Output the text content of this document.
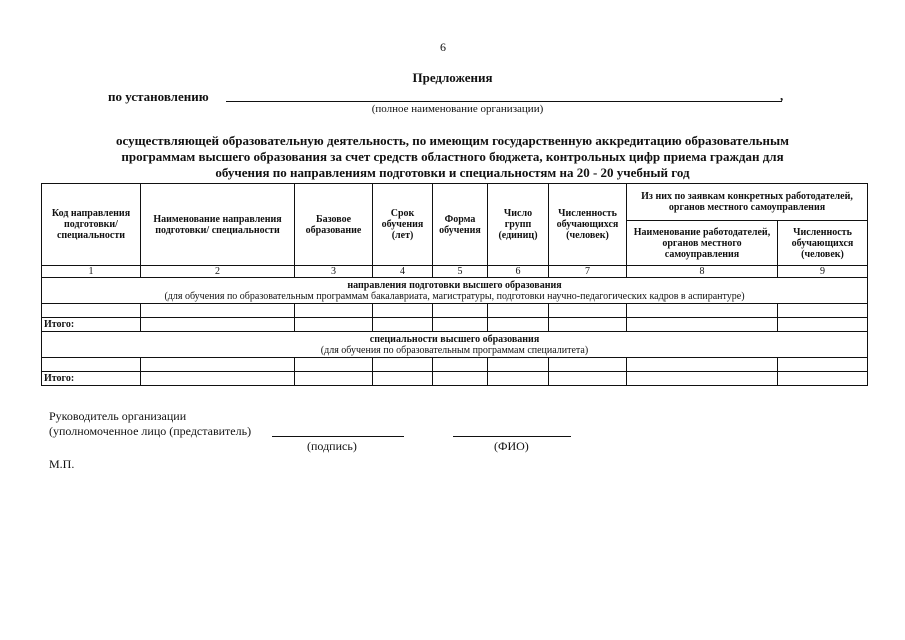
6
Предложения
по установлению	,
(полное наименование организации)
осуществляющей образовательную деятельность, по имеющим государственную аккредитацию образовательным
программам высшего образования за счет средств областного бюджета, контрольных цифр приема граждан для
обучения по направлениям подготовки и специальностям на 20 - 20 учебный год
Код направления подготовки/ специальности	Наименование направления подготовки/ специальности	Базовое образование	Срок обучения (лет)	Форма обучения	Число групп (единиц)	Численность обучающихся (человек)	Из них по заявкам конкретных работодателей, органов местного самоуправления	
							Наименование работодателей, органов местного самоуправления	Численность обучающихся (человек)
1	2	3	4	5	6	7	8	9

направления подготовки высшего образования
(для обучения по образовательным программам бакалавриата, магистратуры, подготовки научно-педагогических кадров в аспирантуре)								

Итого:								

специальности высшего образования
(для обучения по образовательным программам специалитета)								

Итого:								
Руководитель организации
(уполномоченное лицо (представитель)
(подпись)	(ФИО)
М.П.
